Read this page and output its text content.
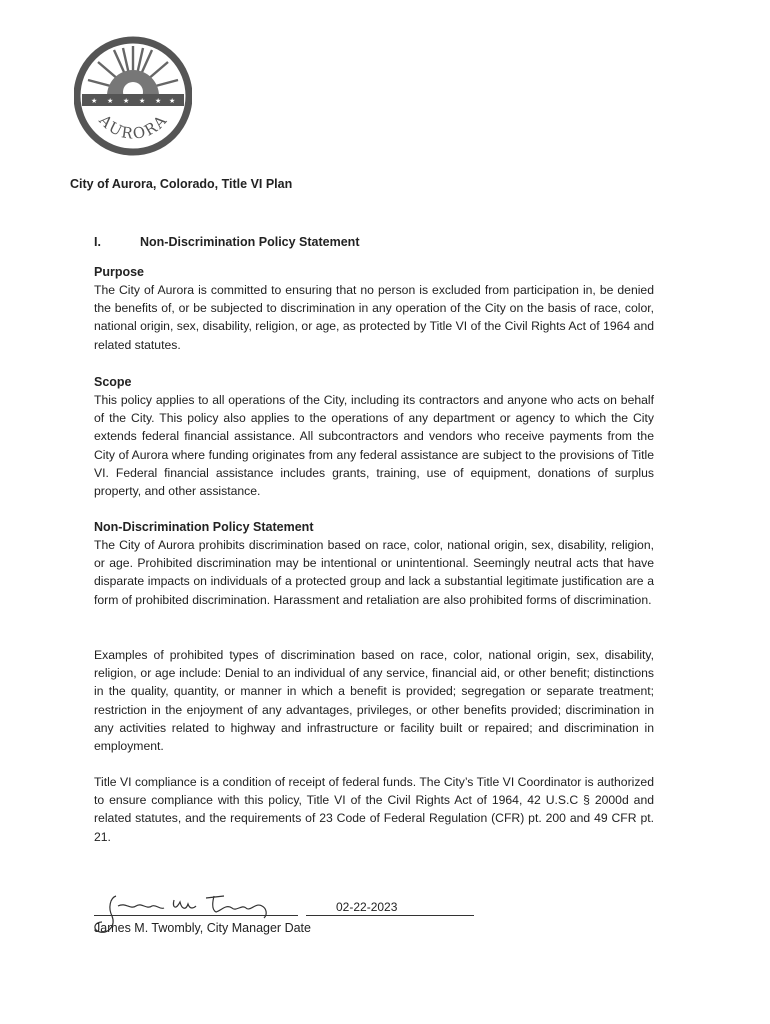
★ ★ ★ ★ ★ ★
AURORA
City of Aurora, Colorado, Title VI Plan
I.	Non-Discrimination Policy Statement
Purpose

The City of Aurora is committed to ensuring that no person is excluded from participation in, be denied the benefits of, or be subjected to discrimination in any operation of the City on the basis of race, color, national origin, sex, disability, religion, or age, as protected by Title VI of the Civil Rights Act of 1964 and related statutes.

Scope

This policy applies to all operations of the City, including its contractors and anyone who acts on behalf of the City. This policy also applies to the operations of any department or agency to which the City extends federal financial assistance. All subcontractors and vendors who receive payments from the City of Aurora where funding originates from any federal assistance are subject to the provisions of Title VI. Federal financial assistance includes grants, training, use of equipment, donations of surplus property, and other assistance.

Non-Discrimination Policy Statement

The City of Aurora prohibits discrimination based on race, color, national origin, sex, disability, religion, or age. Prohibited discrimination may be intentional or unintentional. Seemingly neutral acts that have disparate impacts on individuals of a protected group and lack a substantial legitimate justification are a form of prohibited discrimination. Harassment and retaliation are also prohibited forms of discrimination.

Examples of prohibited types of discrimination based on race, color, national origin, sex, disability, religion, or age include: Denial to an individual of any service, financial aid, or other benefit; distinctions in the quality, quantity, or manner in which a benefit is provided; segregation or separate treatment; restriction in the enjoyment of any advantages, privileges, or other benefits provided; discrimination in any activities related to highway and infrastructure or facility built or repaired; and discrimination in employment.

Title VI compliance is a condition of receipt of federal funds. The City’s Title VI Coordinator is authorized to ensure compliance with this policy, Title VI of the Civil Rights Act of 1964, 42 U.S.C § 2000d and related statutes, and the requirements of 23 Code of Federal Regulation (CFR) pt. 200 and 49 CFR pt. 21.

02-22-2023
James M. Twombly, City Manager Date
